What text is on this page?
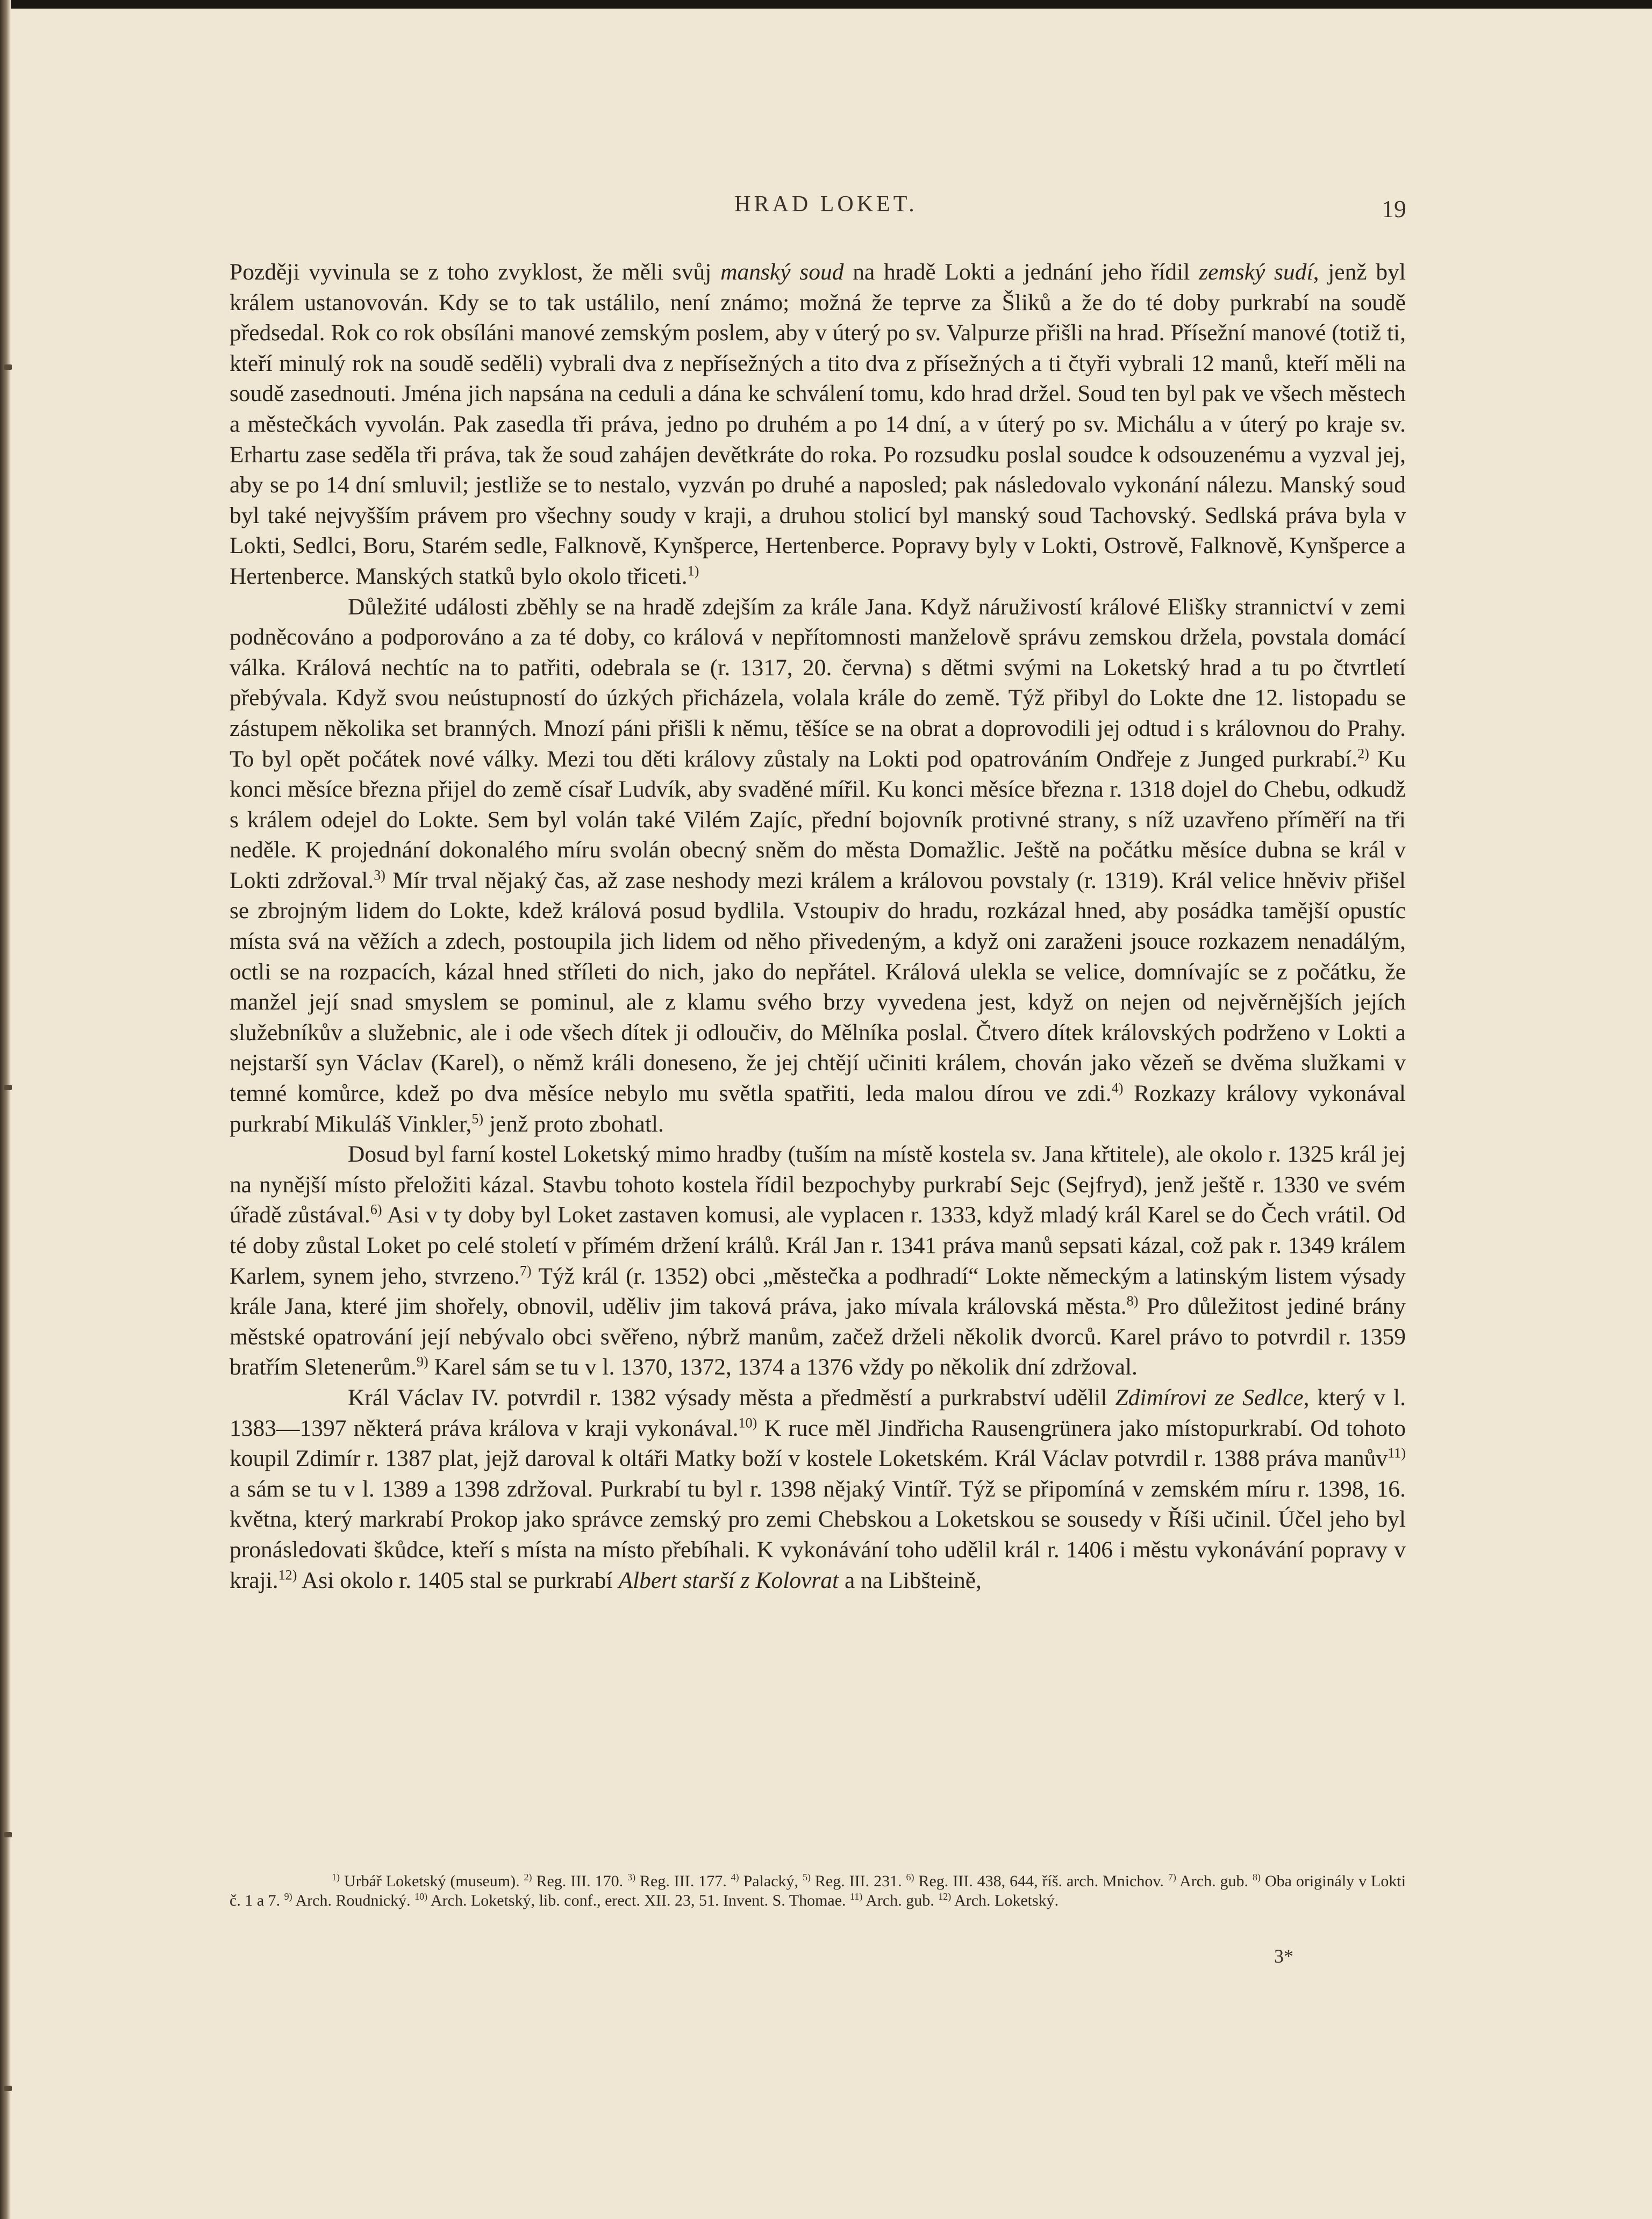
HRAD LOKET.	19

Později vyvinula se z toho zvyklost, že měli svůj manský soud na hradě Lokti a jednání jeho řídil zemský sudí, jenž byl králem ustanovován. Kdy se to tak ustálilo, není známo; možná že teprve za Šliků a že do té doby purkrabí na soudě předsedal. Rok co rok obsíláni manové zemským poslem, aby v úterý po sv. Valpurze přišli na hrad. Přísežní manové (totiž ti, kteří minulý rok na soudě seděli) vybrali dva z nepřísežných a tito dva z přísežných a ti čtyři vybrali 12 manů, kteří měli na soudě zasednouti. Jména jich napsána na ceduli a dána ke schválení tomu, kdo hrad držel. Soud ten byl pak ve všech městech a městečkách vyvolán. Pak zasedla tři práva, jedno po druhém a po 14 dní, a v úterý po sv. Michálu a v úterý po kraje sv. Erhartu zase seděla tři práva, tak že soud zahájen devětkráte do roka. Po rozsudku poslal soudce k odsouzenému a vyzval jej, aby se po 14 dní smluvil; jestliže se to nestalo, vyzván po druhé a naposled; pak následovalo vykonání nálezu. Manský soud byl také nejvyšším právem pro všechny soudy v kraji, a druhou stolicí byl manský soud Tachovský. Sedlská práva byla v Lokti, Sedlci, Boru, Starém sedle, Falknově, Kynšperce, Hertenberce. Popravy byly v Lokti, Ostrově, Falknově, Kynšperce a Hertenberce. Manských statků bylo okolo třiceti.$^{1)}$

Důležité události zběhly se na hradě zdejším za krále Jana. Když náruživostí králové Elišky strannictví v zemi podněcováno a podporováno a za té doby, co králová v nepřítomnosti manželově správu zemskou držela, povstala domácí válka. Králová nechtíc na to patřiti, odebrala se (r. 1317, 20. června) s dětmi svými na Loketský hrad a tu po čtvrtletí přebývala. Když svou neústupností do úzkých přicházela, volala krále do země. Týž přibyl do Lokte dne 12. listopadu se zástupem několika set branných. Mnozí páni přišli k němu, těšíce se na obrat a doprovodili jej odtud i s královnou do Prahy. To byl opět počátek nové války. Mezi tou děti královy zůstaly na Lokti pod opatrováním Ondřeje z Junged purkrabí.$^{2)}$ Ku konci měsíce března přijel do země císař Ludvík, aby svaděné mířil. Ku konci měsíce března r. 1318 dojel do Chebu, odkudž s králem odejel do Lokte. Sem byl volán také Vilém Zajíc, přední bojovník protivné strany, s níž uzavřeno příměří na tři neděle. K projednání dokonalého míru svolán obecný sněm do města Domažlic. Ještě na počátku měsíce dubna se král v Lokti zdržoval.$^{3)}$ Mír trval nějaký čas, až zase neshody mezi králem a královou povstaly (r. 1319). Král velice hněviv přišel se zbrojným lidem do Lokte, kdež králová posud bydlila. Vstoupiv do hradu, rozkázal hned, aby posádka tamější opustíc místa svá na věžích a zdech, postoupila jich lidem od něho přivedeným, a když oni zaraženi jsouce rozkazem nenadálým, octli se na rozpacích, kázal hned střílеti do nich, jako do nepřátel. Králová ulekla se velice, domnívajíc se z počátku, že manžel její snad smyslem se pominul, ale z klamu svého brzy vyvedena jest, když on nejen od nejvěrnějších jejích služebníkův a služebnic, ale i ode všech dítek ji odloučiv, do Mělníka poslal. Čtvero dítek královských podrženo v Lokti a nejstarší syn Václav (Karel), o němž králi doneseno, že jej chtějí učiniti králem, chován jako vězeň se dvěma služkami v temné komůrce, kdež po dva měsíce nebylo mu světla spatřiti, leda malou dírou ve zdi.$^{4)}$ Rozkazy královy vykonával purkrabí Mikuláš Vinkler,$^{5)}$ jenž proto zbohatl.

Dosud byl farní kostel Loketský mimo hradby (tuším na místě kostela sv. Jana křtitele), ale okolo r. 1325 král jej na nynější místo přeložiti kázal. Stavbu tohoto kostela řídil bezpochyby purkrabí Sejc (Sejfryd), jenž ještě r. 1330 ve svém úřadě zůstával.$^{6)}$ Asi v ty doby byl Loket zastaven komusi, ale vyplacen r. 1333, když mladý král Karel se do Čech vrátil. Od té doby zůstal Loket po celé století v přímém držení králů. Král Jan r. 1341 práva manů sepsati kázal, což pak r. 1349 králem Karlem, synem jeho, stvrzeno.$^{7)}$ Týž král (r. 1352) obci „městečka a podhradí“ Lokte německým a latinským listem výsady krále Jana, které jim shořely, obnovil, uděliv jim taková práva, jako mívala královská města.$^{8)}$ Pro důležitost jediné brány městské opatrování její nebývalo obci svěřeno, nýbrž manům, začež drželi několik dvorců. Karel právo to potvrdil r. 1359 bratřím Sletenerům.$^{9)}$ Karel sám se tu v l. 1370, 1372, 1374 a 1376 vždy po několik dní zdržoval.

Král Václav IV. potvrdil r. 1382 výsady města a předměstí a purkrabství udělil Zdimírovi ze Sedlce, který v l. 1383—1397 některá práva králova v kraji vykonával.$^{10)}$ K ruce měl Jindřicha Rausengrünera jako místopurkrabí. Od tohoto koupil Zdimír r. 1387 plat, jejž daroval k oltáři Matky boží v kostele Loketském. Král Václav potvrdil r. 1388 práva manův$^{11)}$ a sám se tu v l. 1389 a 1398 zdržoval. Purkrabí tu byl r. 1398 nějaký Vintíř. Týž se připomíná v zemském míru r. 1398, 16. května, který markrabí Prokop jako správce zemský pro zemi Chebskou a Loketskou se sousedy v Říši učinil. Účel jeho byl pronásledovati škůdce, kteří s místa na místo přebíhali. K vykonávání toho udělil král r. 1406 i městu vykonávání popravy v kraji.$^{12)}$ Asi okolo r. 1405 stal se purkrabí Albert starší z Kolovrat a na Libšteině,

$^{1)}$ Urbář Loketský (museum). $^{2)}$ Reg. III. 170. $^{3)}$ Reg. III. 177. $^{4)}$ Palacký, $^{5)}$ Reg. III. 231. $^{6)}$ Reg. III. 438, 644, říš. arch. Mnichov. $^{7)}$ Arch. gub. $^{8)}$ Oba originály v Lokti č. 1 a 7. $^{9)}$ Arch. Roudnický. $^{10)}$ Arch. Loketský, lib. conf., erect. XII. 23, 51. Invent. S. Thomae. $^{11)}$ Arch. gub. $^{12)}$ Arch. Loketský.

3*
